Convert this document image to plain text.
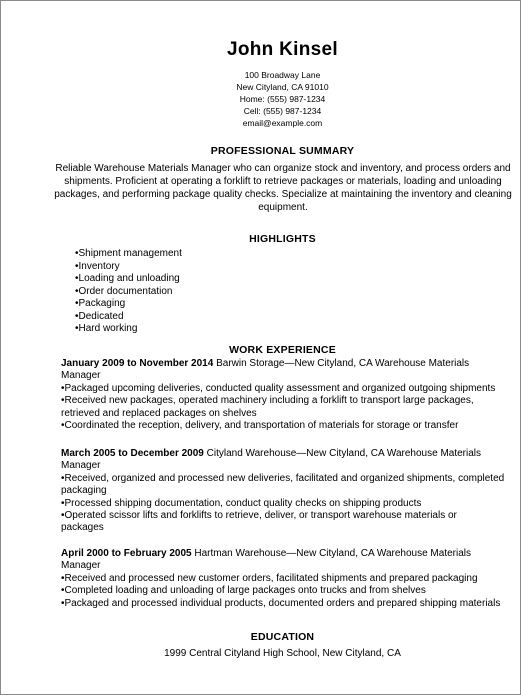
John Kinsel
100 Broadway Lane
New Cityland, CA 91010
Home: (555) 987-1234
Cell: (555) 987-1234
email@example.com
PROFESSIONAL SUMMARY
Reliable Warehouse Materials Manager who can organize stock and inventory, and process orders and shipments. Proficient at operating a forklift to retrieve packages or materials, loading and unloading packages, and performing package quality checks. Specialize at maintaining the inventory and cleaning equipment.
HIGHLIGHTS
•Shipment management
•Inventory
•Loading and unloading
•Order documentation
•Packaging
•Dedicated
•Hard working
WORK EXPERIENCE
January 2009 to November 2014 Barwin Storage—New Cityland, CA Warehouse Materials
Manager
•Packaged upcoming deliveries, conducted quality assessment and organized outgoing shipments
•Received new packages, operated machinery including a forklift to transport large packages, retrieved and replaced packages on shelves
•Coordinated the reception, delivery, and transportation of materials for storage or transfer
March 2005 to December 2009 Cityland Warehouse—New Cityland, CA Warehouse Materials
Manager
•Received, organized and processed new deliveries, facilitated and organized shipments, completed packaging
•Processed shipping documentation, conduct quality checks on shipping products
•Operated scissor lifts and forklifts to retrieve, deliver, or transport warehouse materials or packages
April 2000 to February 2005 Hartman Warehouse—New Cityland, CA Warehouse Materials
Manager
•Received and processed new customer orders, facilitated shipments and prepared packaging
•Completed loading and unloading of large packages onto trucks and from shelves
•Packaged and processed individual products, documented orders and prepared shipping materials
EDUCATION
1999 Central Cityland High School, New Cityland, CA
